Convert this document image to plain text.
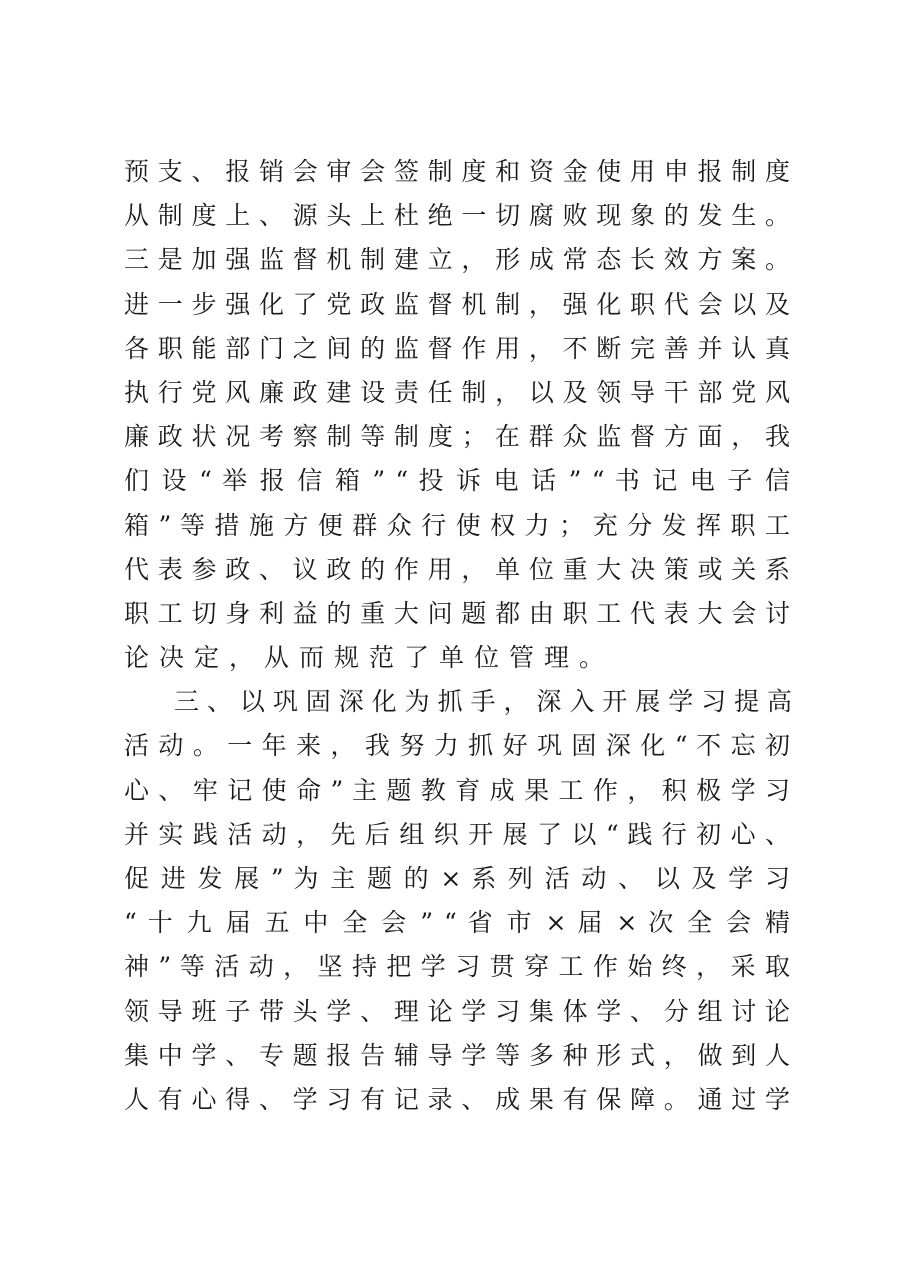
预 支 、 报 销 会 审 会 签 制 度 和 资 金 使 用 申 报 制 度
从 制 度 上 、 源 头 上 杜 绝 一 切 腐 败 现 象 的 发 生 。
三 是 加 强 监 督 机 制 建 立 ， 形 成 常 态 长 效 方 案 。
进 一 步 强 化 了 党 政 监 督 机 制 ， 强 化 职 代 会 以 及
各 职 能 部 门 之 间 的 监 督 作 用 ， 不 断 完 善 并 认 真
执 行 党 风 廉 政 建 设 责 任 制 ， 以 及 领 导 干 部 党 风
廉 政 状 况 考 察 制 等 制 度 ； 在 群 众 监 督 方 面 ， 我
们 设 “ 举 报 信 箱 ” “ 投 诉 电 话 ” “ 书 记 电 子 信
箱 ” 等 措 施 方 便 群 众 行 使 权 力 ； 充 分 发 挥 职 工
代 表 参 政 、 议 政 的 作 用 ， 单 位 重 大 决 策 或 关 系
职 工 切 身 利 益 的 重 大 问 题 都 由 职 工 代 表 大 会 讨
论决定，从而规范了单位管理。
三 、 以 巩 固 深 化 为 抓 手 ， 深 入 开 展 学 习 提 高
活 动 。 一 年 来 ， 我 努 力 抓 好 巩 固 深 化 “ 不 忘 初
心 、 牢 记 使 命 ” 主 题 教 育 成 果 工 作 ， 积 极 学 习
并 实 践 活 动 ， 先 后 组 织 开 展 了 以 “ 践 行 初 心 、
促 进 发 展 ” 为 主 题 的 × 系 列 活 动 、 以 及 学 习
“ 十 九 届 五 中 全 会 ” “ 省 市 × 届 × 次 全 会 精
神 ” 等 活 动 ， 坚 持 把 学 习 贯 穿 工 作 始 终 ， 采 取
领 导 班 子 带 头 学 、 理 论 学 习 集 体 学 、 分 组 讨 论
集 中 学 、 专 题 报 告 辅 导 学 等 多 种 形 式 ， 做 到 人
人 有 心 得 、 学 习 有 记 录 、 成 果 有 保 障 。 通 过 学
